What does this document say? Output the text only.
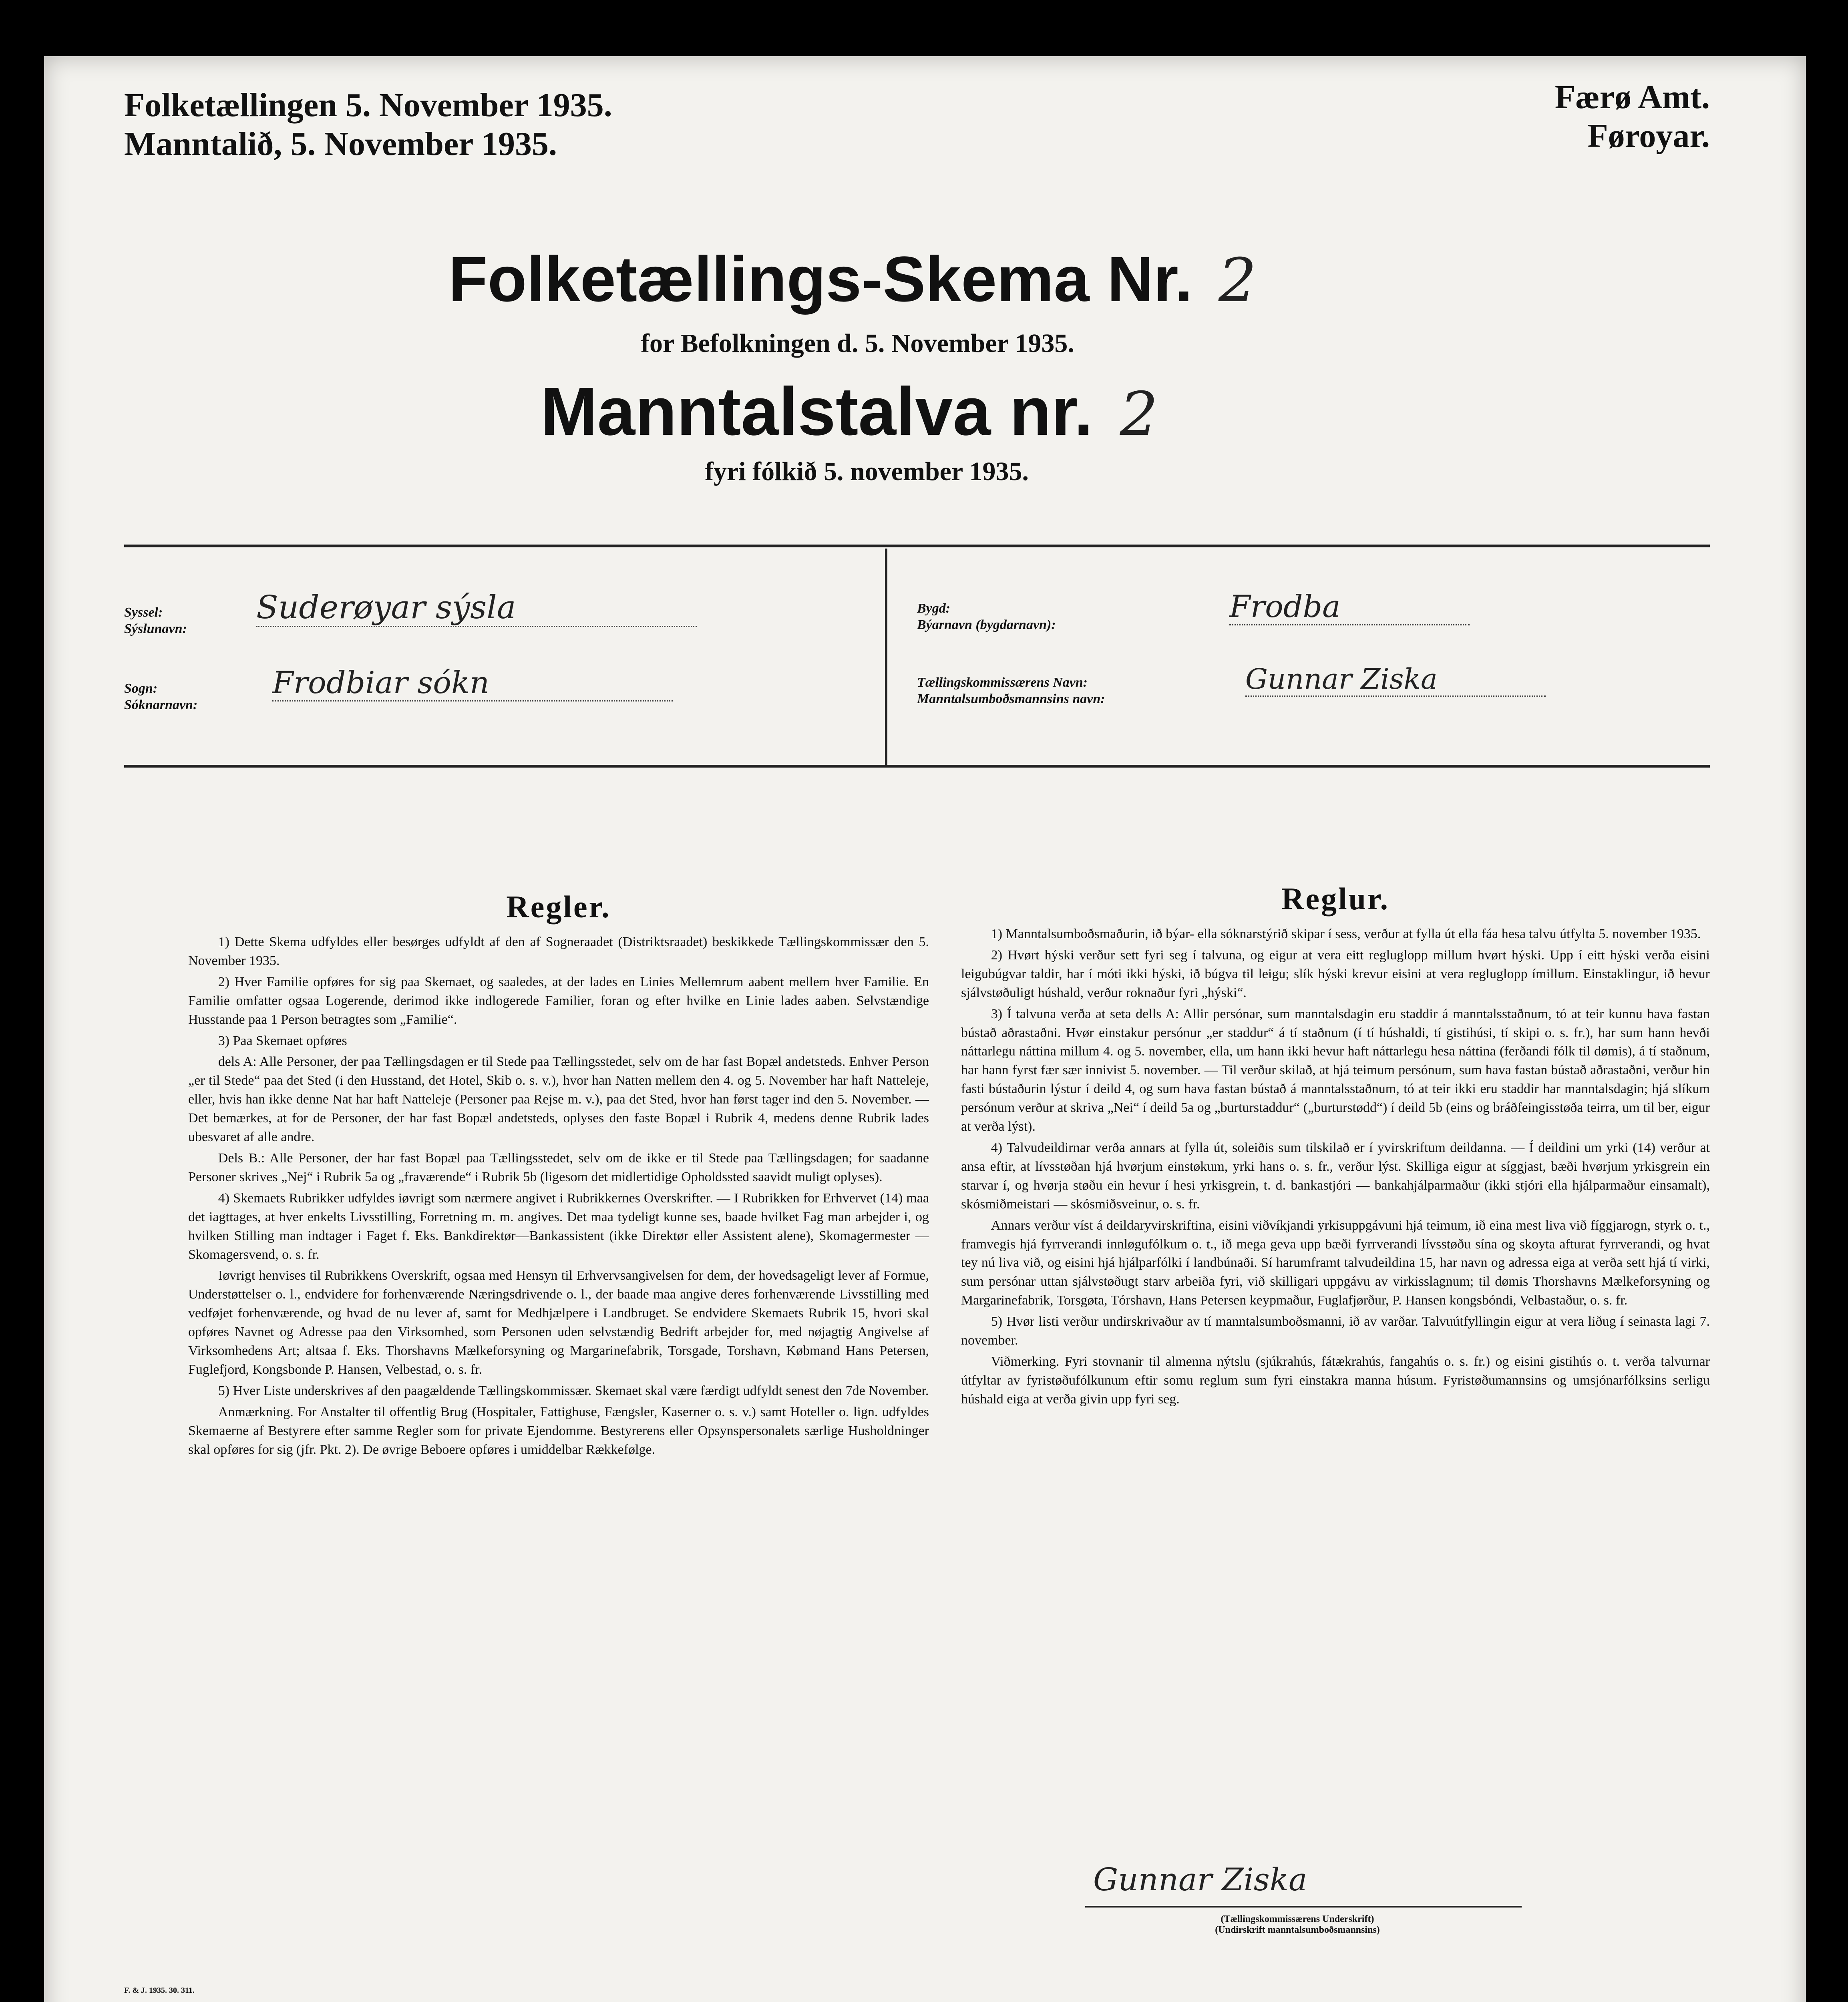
Folketællingen 5. November 1935.
Manntalið, 5. November 1935.
Færø Amt.
Føroyar.
Folketællings-Skema Nr. 2
for Befolkningen d. 5. November 1935.
Manntalstalva nr. 2
fyri fólkið 5. november 1935.
Syssel:
Sýslunavn:
Suderøyar sýsla
Sogn:
Sóknarnavn:
Frodbiar sókn
Bygd:
Býarnavn (bygdarnavn):
Frodba
Tællingskommissærens Navn:
Manntalsumboðsmannsins navn:
Gunnar Ziska
Regler.

1) Dette Skema udfyldes eller besørges udfyldt af den af Sogneraadet (Distriktsraadet) beskikkede Tællingskommissær den 5. November 1935.

2) Hver Familie opføres for sig paa Skemaet, og saaledes, at der lades en Linies Mellemrum aabent mellem hver Familie. En Familie omfatter ogsaa Logerende, derimod ikke indlogerede Familier, foran og efter hvilke en Linie lades aaben. Selvstændige Husstande paa 1 Person betragtes som „Familie“.

3) Paa Skemaet opføres

dels A: Alle Personer, der paa Tællingsdagen er til Stede paa Tællingsstedet, selv om de har fast Bopæl andetsteds. Enhver Person „er til Stede“ paa det Sted (i den Husstand, det Hotel, Skib o. s. v.), hvor han Natten mellem den 4. og 5. November har haft Natteleje, eller, hvis han ikke denne Nat har haft Natteleje (Personer paa Rejse m. v.), paa det Sted, hvor han først tager ind den 5. November. — Det bemærkes, at for de Personer, der har fast Bopæl andetsteds, oplyses den faste Bopæl i Rubrik 4, medens denne Rubrik lades ubesvaret af alle andre.

Dels B.: Alle Personer, der har fast Bopæl paa Tællingsstedet, selv om de ikke er til Stede paa Tællingsdagen; for saadanne Personer skrives „Nej“ i Rubrik 5a og „fraværende“ i Rubrik 5b (ligesom det midlertidige Opholdssted saavidt muligt oplyses).

4) Skemaets Rubrikker udfyldes iøvrigt som nærmere angivet i Rubrikkernes Overskrifter. — I Rubrikken for Erhvervet (14) maa det iagttages, at hver enkelts Livsstilling, Forretning m. m. angives. Det maa tydeligt kunne ses, baade hvilket Fag man arbejder i, og hvilken Stilling man indtager i Faget f. Eks. Bankdirektør—Bankassistent (ikke Direktør eller Assistent alene), Skomagermester — Skomagersvend, o. s. fr.

Iøvrigt henvises til Rubrikkens Overskrift, ogsaa med Hensyn til Erhvervsangivelsen for dem, der hovedsageligt lever af Formue, Understøttelser o. l., endvidere for forhenværende Næringsdrivende o. l., der baade maa angive deres forhenværende Livsstilling med vedføjet forhenværende, og hvad de nu lever af, samt for Medhjælpere i Landbruget. Se endvidere Skemaets Rubrik 15, hvori skal opføres Navnet og Adresse paa den Virksomhed, som Personen uden selvstændig Bedrift arbejder for, med nøjagtig Angivelse af Virksomhedens Art; altsaa f. Eks. Thorshavns Mælkeforsyning og Margarinefabrik, Torsgade, Torshavn, Købmand Hans Petersen, Fuglefjord, Kongsbonde P. Hansen, Velbestad, o. s. fr.

5) Hver Liste underskrives af den paagældende Tællingskommissær. Skemaet skal være færdigt udfyldt senest den 7de November.

Anmærkning. For Anstalter til offentlig Brug (Hospitaler, Fattighuse, Fængsler, Kaserner o. s. v.) samt Hoteller o. lign. udfyldes Skemaerne af Bestyrere efter samme Regler som for private Ejendomme. Bestyrerens eller Opsynspersonalets særlige Husholdninger skal opføres for sig (jfr. Pkt. 2). De øvrige Beboere opføres i umiddelbar Rækkefølge.

Reglur.

1) Manntalsumboðsmaðurin, ið býar- ella sóknarstýrið skipar í sess, verður at fylla út ella fáa hesa talvu útfylta 5. november 1935.

2) Hvørt hýski verður sett fyri seg í talvuna, og eigur at vera eitt regluglopp millum hvørt hýski. Upp í eitt hýski verða eisini leigubúgvar taldir, har í móti ikki hýski, ið búgva til leigu; slík hýski krevur eisini at vera regluglopp ímillum. Einstaklingur, ið hevur sjálvstøðuligt húshald, verður roknaður fyri „hýski“.

3) Í talvuna verða at seta dells A: Allir persónar, sum manntalsdagin eru staddir á manntalsstaðnum, tó at teir kunnu hava fastan bústað aðrastaðni. Hvør einstakur persónur „er staddur“ á tí staðnum (í tí húshaldi, tí gistihúsi, tí skipi o. s. fr.), har sum hann hevði náttarlegu náttina millum 4. og 5. november, ella, um hann ikki hevur haft náttarlegu hesa náttina (ferðandi fólk til dømis), á tí staðnum, har hann fyrst fær sær innivist 5. november. — Til verður skilað, at hjá teimum persónum, sum hava fastan bústað aðrastaðni, verður hin fasti bústaðurin lýstur í deild 4, og sum hava fastan bústað á manntalsstaðnum, tó at teir ikki eru staddir har manntalsdagin; hjá slíkum persónum verður at skriva „Nei“ í deild 5a og „burturstaddur“ („burturstødd“) í deild 5b (eins og bráðfeingisstøða teirra, um til ber, eigur at verða lýst).

4) Talvudeildirnar verða annars at fylla út, soleiðis sum tilskilað er í yvirskriftum deildanna. — Í deildini um yrki (14) verður at ansa eftir, at lívsstøðan hjá hvørjum einstøkum, yrki hans o. s. fr., verður lýst. Skilliga eigur at síggjast, bæði hvørjum yrkisgrein ein starvar í, og hvørja støðu ein hevur í hesi yrkisgrein, t. d. bankastjóri — bankahjálparmaður (ikki stjóri ella hjálparmaður einsamalt), skósmiðmeistari — skósmiðsveinur, o. s. fr.

Annars verður víst á deildaryvirskriftina, eisini viðvíkjandi yrkisuppgávuni hjá teimum, ið eina mest liva við fíggjarogn, styrk o. t., framvegis hjá fyrrverandi innløgufólkum o. t., ið mega geva upp bæði fyrrverandi lívsstøðu sína og skoyta afturat fyrrverandi, og hvat tey nú liva við, og eisini hjá hjálparfólki í landbúnaði. Sí harumframt talvudeildina 15, har navn og adressa eiga at verða sett hjá tí virki, sum persónar uttan sjálvstøðugt starv arbeiða fyri, við skilligari uppgávu av virkisslagnum; til dømis Thorshavns Mælkeforsyning og Margarinefabrik, Torsgøta, Tórshavn, Hans Petersen keypmaður, Fuglafjørður, P. Hansen kongsbóndi, Velbastaður, o. s. fr.

5) Hvør listi verður undirskrivaður av tí manntalsumboðsmanni, ið av varðar. Talvuútfyllingin eigur at vera liðug í seinasta lagi 7. november.

Viðmerking. Fyri stovnanir til almenna nýtslu (sjúkrahús, fátækrahús, fangahús o. s. fr.) og eisini gistihús o. t. verða talvurnar útfyltar av fyristøðufólkunum eftir somu reglum sum fyri einstakra manna húsum. Fyristøðumannsins og umsjónarfólksins serligu húshald eiga at verða givin upp fyri seg.

Gunnar Ziska
(Tællingskommissærens Underskrift)
(Undirskrift manntalsumboðsmannsins)
F. & J. 1935. 30. 311.
